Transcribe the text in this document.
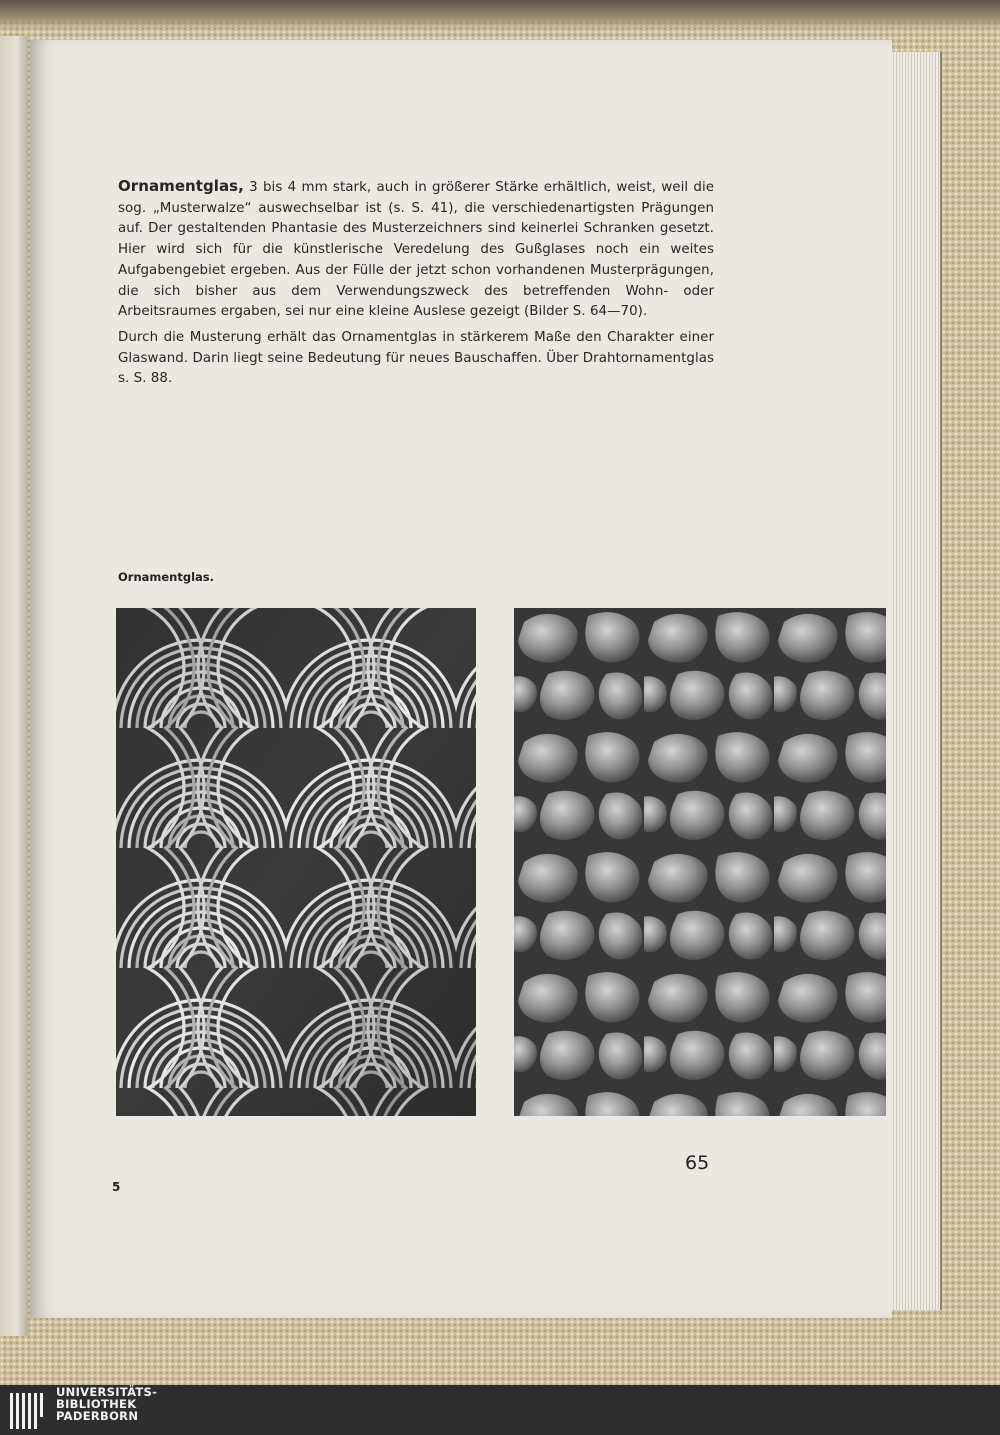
Ornamentglas, 3 bis 4 mm stark, auch in größerer Stärke erhältlich, weist, weil die sog. „Musterwalze“ auswechselbar ist (s. S. 41), die verschiedenartigsten Prägungen auf. Der gestaltenden Phantasie des Musterzeichners sind keinerlei Schranken gesetzt. Hier wird sich für die künstlerische Veredelung des Gußglases noch ein weites Aufgabengebiet ergeben. Aus der Fülle der jetzt schon vorhandenen Musterprägungen, die sich bisher aus dem Verwendungszweck des betreffenden Wohn- oder Arbeitsraumes ergaben, sei nur eine kleine Auslese gezeigt (Bilder S. 64—70).

Durch die Musterung erhält das Ornamentglas in stärkerem Maße den Charakter einer Glaswand. Darin liegt seine Bedeutung für neues Bauschaffen. Über Drahtornamentglas s. S. 88.

Ornamentglas.
65
5
UNIVERSITÄTS-
BIBLIOTHEK
PADERBORN
